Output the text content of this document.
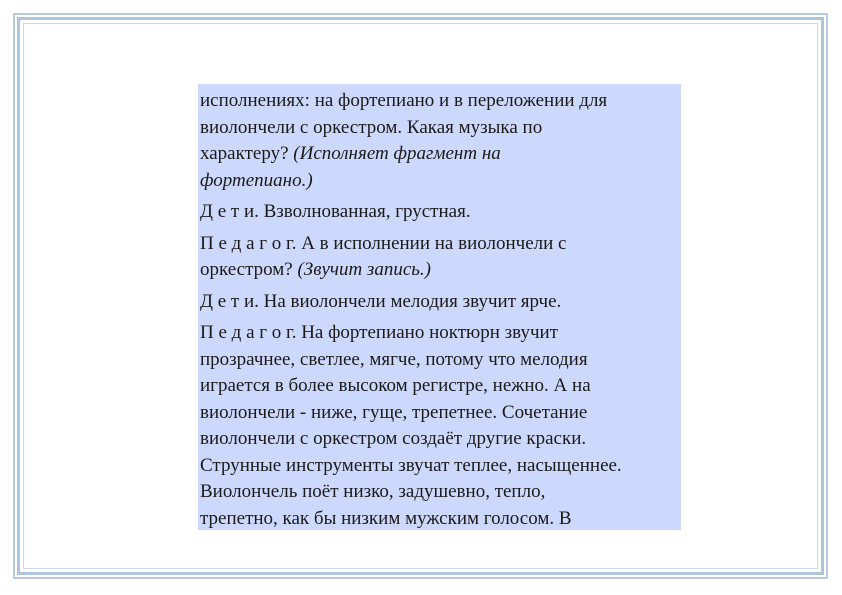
исполнениях: на фортепиано и в переложении для
виолончели с оркестром. Какая музыка по
характеру? (Исполняет фрагмент на
фортепиано.)

Д е т и. Взволнованная, грустная.

П е д а г о г. А в исполнении на виолончели с
оркестром? (Звучит запись.)

Д е т и. На виолончели мелодия звучит ярче.

П е д а г о г. На фортепиано ноктюрн звучит
прозрачнее, светлее, мягче, потому что мелодия
играется в более высоком регистре, нежно. А на
виолончели - ниже, гуще, трепетнее. Сочетание
виолончели с оркестром создаёт другие краски.
Струнные инструменты звучат теплее, насыщеннее.
Виолончель поёт низко, задушевно, тепло,
трепетно, как бы низким мужским голосом. В
